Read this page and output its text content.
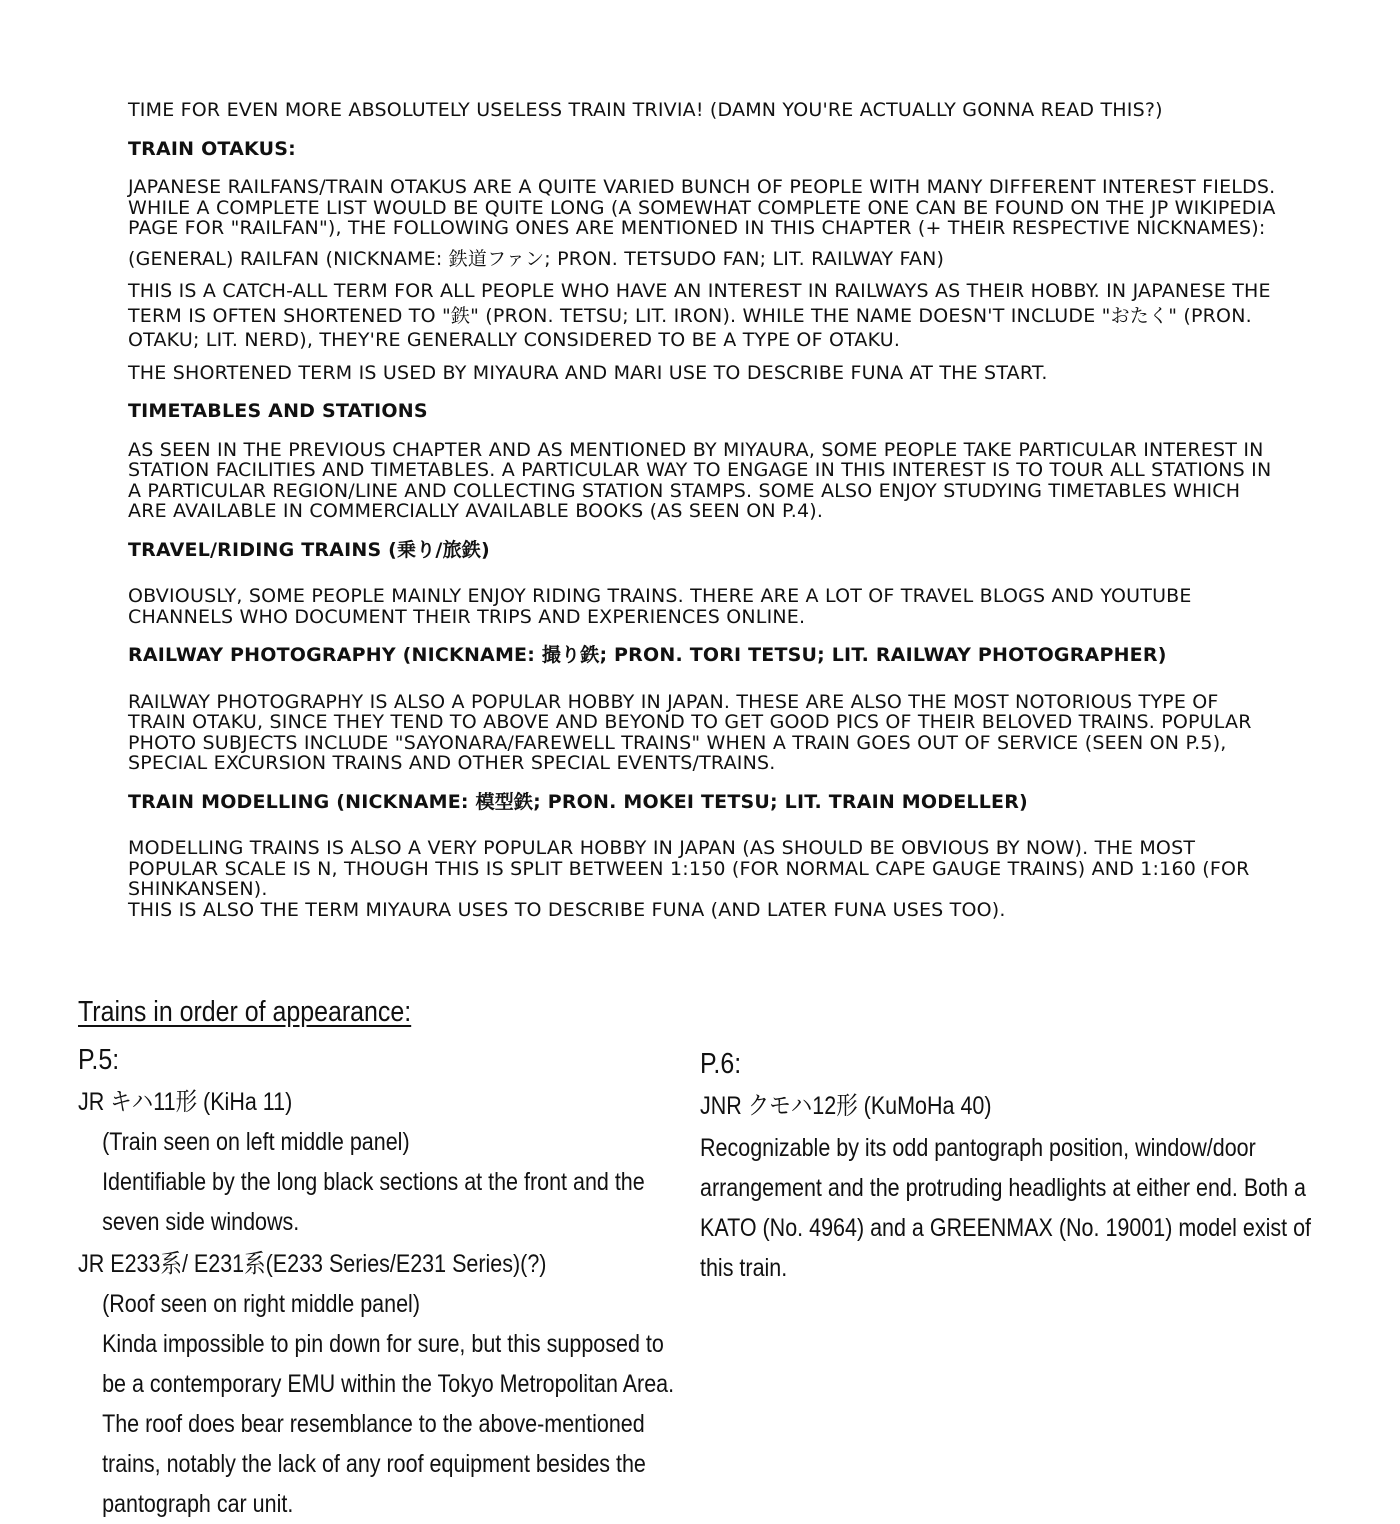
TIME FOR EVEN MORE ABSOLUTELY USELESS TRAIN TRIVIA! (DAMN YOU'RE ACTUALLY GONNA READ THIS?)

TRAIN OTAKUS:

JAPANESE RAILFANS/TRAIN OTAKUS ARE A QUITE VARIED BUNCH OF PEOPLE WITH MANY DIFFERENT INTEREST FIELDS. WHILE A COMPLETE LIST WOULD BE QUITE LONG (A SOMEWHAT COMPLETE ONE CAN BE FOUND ON THE JP WIKIPEDIA PAGE FOR "RAILFAN"), THE FOLLOWING ONES ARE MENTIONED IN THIS CHAPTER (+ THEIR RESPECTIVE NICKNAMES):

(GENERAL) RAILFAN (NICKNAME: 鉄道ファン; PRON. TETSUDO FAN; LIT. RAILWAY FAN)

THIS IS A CATCH-ALL TERM FOR ALL PEOPLE WHO HAVE AN INTEREST IN RAILWAYS AS THEIR HOBBY. IN JAPANESE THE TERM IS OFTEN SHORTENED TO "鉄" (PRON. TETSU; LIT. IRON). WHILE THE NAME DOESN'T INCLUDE "おたく" (PRON. OTAKU; LIT. NERD), THEY'RE GENERALLY CONSIDERED TO BE A TYPE OF OTAKU.

THE SHORTENED TERM IS USED BY MIYAURA AND MARI USE TO DESCRIBE FUNA AT THE START.

TIMETABLES AND STATIONS

AS SEEN IN THE PREVIOUS CHAPTER AND AS MENTIONED BY MIYAURA, SOME PEOPLE TAKE PARTICULAR INTEREST IN STATION FACILITIES AND TIMETABLES. A PARTICULAR WAY TO ENGAGE IN THIS INTEREST IS TO TOUR ALL STATIONS IN A PARTICULAR REGION/LINE AND COLLECTING STATION STAMPS. SOME ALSO ENJOY STUDYING TIMETABLES WHICH ARE AVAILABLE IN COMMERCIALLY AVAILABLE BOOKS (AS SEEN ON P.4).

TRAVEL/RIDING TRAINS (乗り/旅鉄)

OBVIOUSLY, SOME PEOPLE MAINLY ENJOY RIDING TRAINS. THERE ARE A LOT OF TRAVEL BLOGS AND YOUTUBE CHANNELS WHO DOCUMENT THEIR TRIPS AND EXPERIENCES ONLINE.

RAILWAY PHOTOGRAPHY (NICKNAME: 撮り鉄; PRON. TORI TETSU; LIT. RAILWAY PHOTOGRAPHER)

RAILWAY PHOTOGRAPHY IS ALSO A POPULAR HOBBY IN JAPAN. THESE ARE ALSO THE MOST NOTORIOUS TYPE OF TRAIN OTAKU, SINCE THEY TEND TO ABOVE AND BEYOND TO GET GOOD PICS OF THEIR BELOVED TRAINS. POPULAR PHOTO SUBJECTS INCLUDE "SAYONARA/FAREWELL TRAINS" WHEN A TRAIN GOES OUT OF SERVICE (SEEN ON P.5), SPECIAL EXCURSION TRAINS AND OTHER SPECIAL EVENTS/TRAINS.

TRAIN MODELLING (NICKNAME: 模型鉄; PRON. MOKEI TETSU; LIT. TRAIN MODELLER)

MODELLING TRAINS IS ALSO A VERY POPULAR HOBBY IN JAPAN (AS SHOULD BE OBVIOUS BY NOW). THE MOST POPULAR SCALE IS N, THOUGH THIS IS SPLIT BETWEEN 1:150 (FOR NORMAL CAPE GAUGE TRAINS) AND 1:160 (FOR SHINKANSEN).

THIS IS ALSO THE TERM MIYAURA USES TO DESCRIBE FUNA (AND LATER FUNA USES TOO).

Trains in order of appearance:

P.5:

JR キハ11形 (KiHa 11)

(Train seen on left middle panel)

Identifiable by the long black sections at the front and the seven side windows.

JR E233系/ E231系(E233 Series/E231 Series)(?)

(Roof seen on right middle panel)

Kinda impossible to pin down for sure, but this supposed to be a contemporary EMU within the Tokyo Metropolitan Area. The roof does bear resemblance to the above-mentioned trains, notably the lack of any roof equipment besides the pantograph car unit.

P.6:

JNR クモハ12形 (KuMoHa 40)

Recognizable by its odd pantograph position, window/door arrangement and the protruding headlights at either end. Both a KATO (No. 4964) and a GREENMAX (No. 19001) model exist of this train.
